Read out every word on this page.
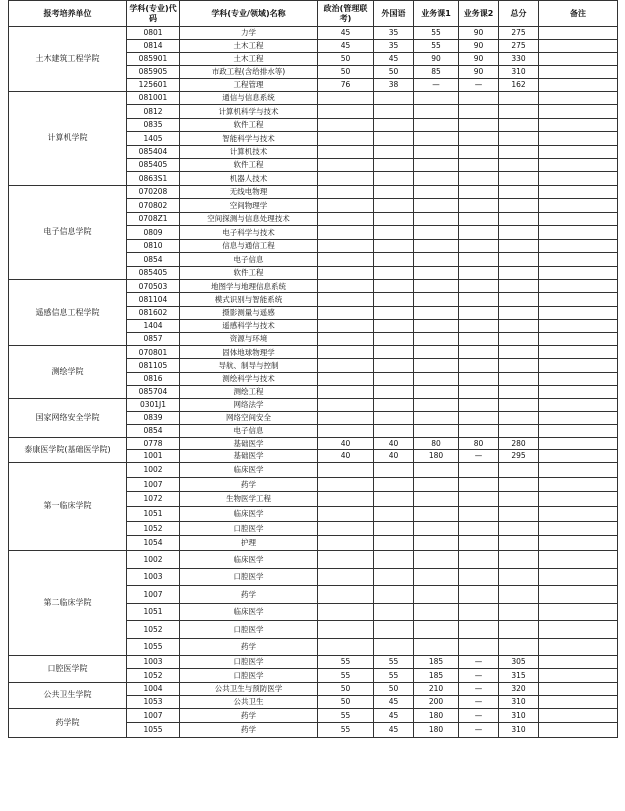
报考培养单位	学科(专业)代码	学科(专业/领域)名称	政治(管理联考)	外国语	业务课1	业务课2	总分	备注
土木建筑工程学院	0801	力学	45	35	55	90	275	
	0814	土木工程	45	35	55	90	275	
	085901	土木工程	50	45	90	90	330	
	085905	市政工程(含给排水等)	50	50	85	90	310	
	125601	工程管理	76	38	—	—	162	
计算机学院	081001	通信与信息系统						
	0812	计算机科学与技术						
	0835	软件工程						
	1405	智能科学与技术						
	085404	计算机技术						
	085405	软件工程						
	0863S1	机器人技术						
电子信息学院	070208	无线电物理						
	070802	空间物理学						
	0708Z1	空间探测与信息处理技术						
	0809	电子科学与技术						
	0810	信息与通信工程						
	0854	电子信息						
	085405	软件工程						
遥感信息工程学院	070503	地图学与地理信息系统						
	081104	模式识别与智能系统						
	081602	摄影测量与遥感						
	1404	遥感科学与技术						
	0857	资源与环境						
测绘学院	070801	固体地球物理学						
	081105	导航、制导与控制						
	0816	测绘科学与技术						
	085704	测绘工程						
国家网络安全学院	0301J1	网络法学						
	0839	网络空间安全						
	0854	电子信息						
泰康医学院(基础医学院)	0778	基础医学	40	40	80	80	280	
	1001	基础医学	40	40	180	—	295	
第一临床学院	1002	临床医学						
	1007	药学						
	1072	生物医学工程						
	1051	临床医学						
	1052	口腔医学						
	1054	护理						
第二临床学院	1002	临床医学						
	1003	口腔医学						
	1007	药学						
	1051	临床医学						
	1052	口腔医学						
	1055	药学						
口腔医学院	1003	口腔医学	55	55	185	—	305	
	1052	口腔医学	55	55	185	—	315	
公共卫生学院	1004	公共卫生与预防医学	50	50	210	—	320	
	1053	公共卫生	50	45	200	—	310	
药学院	1007	药学	55	45	180	—	310	
	1055	药学	55	45	180	—	310	
